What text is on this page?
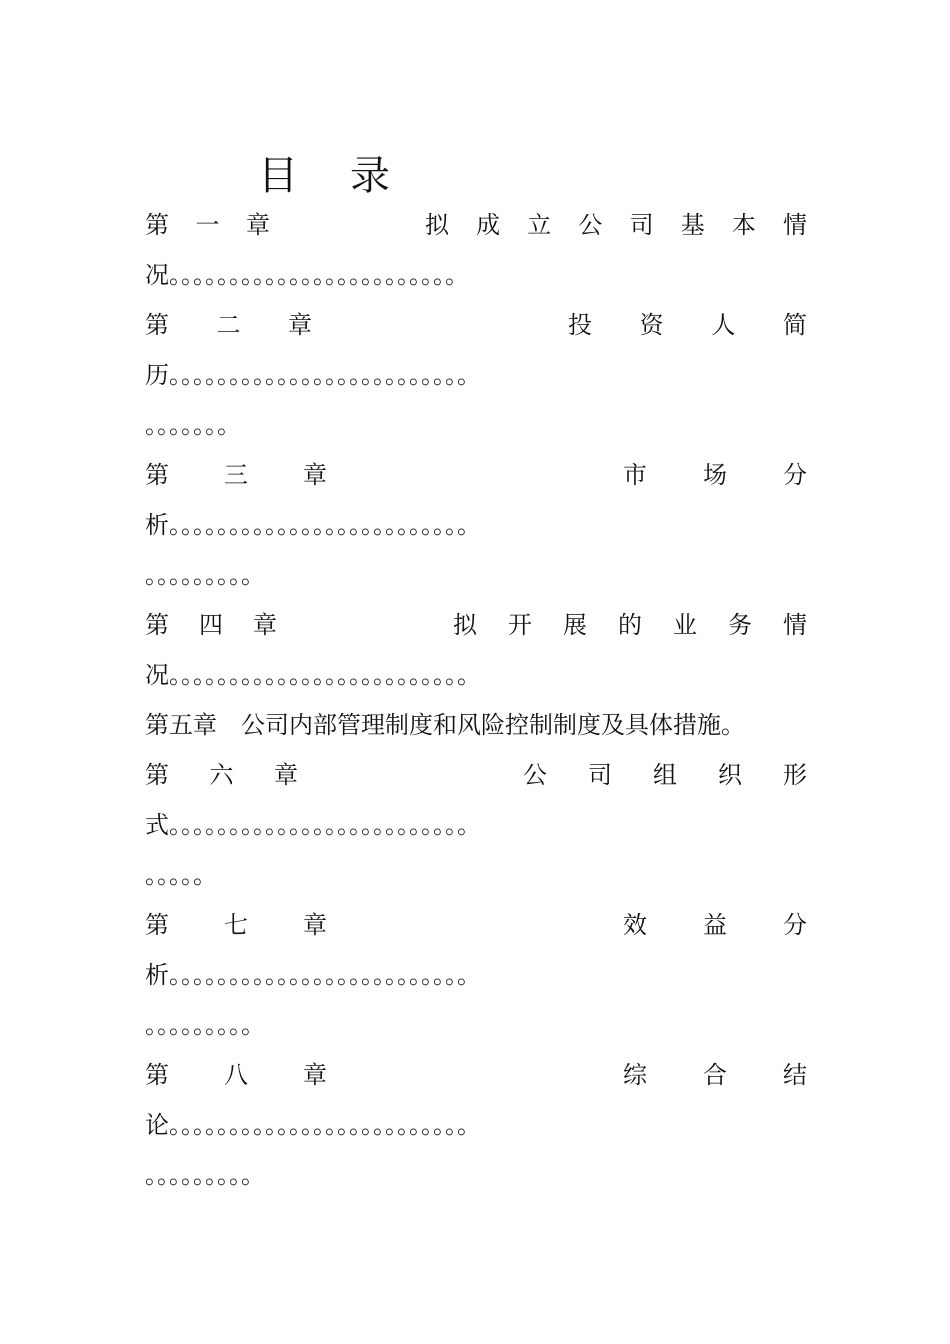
目录
第 一 章	拟 成 立 公 司 基 本 情
况。。。。。。。。。。。。。。。。。。。。。。。。
第 二 章	投 资 人 简
历。。。。。。。。。。。。。。。。。。。。。。。。。
。。。。。。。
第 三 章	市 场 分
析。。。。。。。。。。。。。。。。。。。。。。。。。
。。。。。。。。。
第 四 章	拟 开 展 的 业 务 情
况。。。。。。。。。。。。。。。。。。。。。。。。。
第五章　公司内部管理制度和风险控制制度及具体措施。
第 六 章	公 司 组 织 形
式。。。。。。。。。。。。。。。。。。。。。。。。。
。。。。。
第 七 章	效 益 分
析。。。。。。。。。。。。。。。。。。。。。。。。。
。。。。。。。。。
第 八 章	综 合 结
论。。。。。。。。。。。。。。。。。。。。。。。。。
。。。。。。。。。
